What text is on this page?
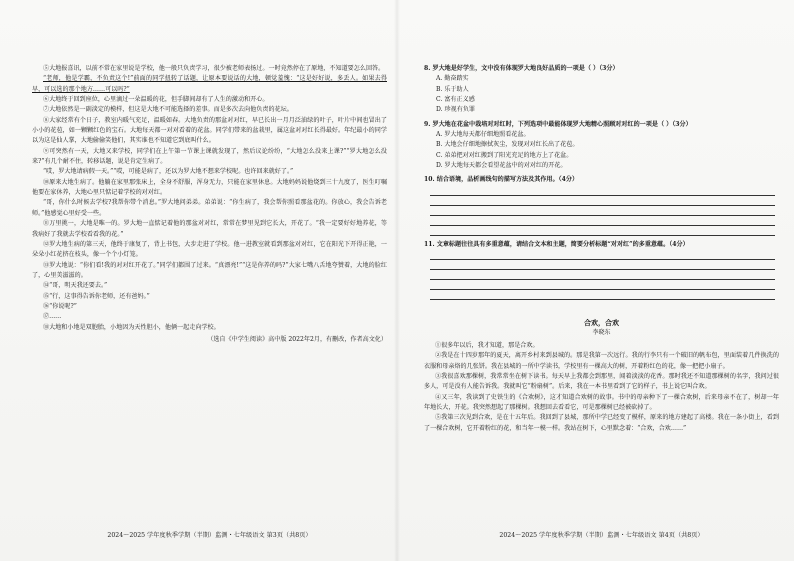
⑤大地报喜讯，以前不常在家里说是学校，他一般只负责学习，很少被老师表扬过。一时竟然停在了原地，不知道要怎么回答。

“老师，他是学霸，不负责这个!”前面的同学扭转了话题，让原本要说话的大地，顿觉羞愧：“这是好好说，多丢人。如果去得早，可以选的那个地方……可以吗?”

⑥大地终于回到座位，心里滴过一朵温暖的花，但手脚间却有了人生的激动和开心。

⑦大地依然是一副淡定的模样，但这是大地不可能选择的差事。而是多次去向他负责的花坛。

⑧大家经常有个日子，教室内暖气充足，温暖如春。大地负责的那盆对对红，早已长出一月月泛油绿的叶子，叶片中间也冒出了小小的花苞，如一颗颗红色的宝石。大地每天都一对对看着的花盆。同学们带来的盆栽里，属这盆对对红长得最好。年纪最小的同学以为这是仙人掌，大地偷偷笑他们，其实谁也不知道它到底叫什么。

⑨可突然有一天，大地又来学校，同学们在上午第一节课上课就发现了，然后议论纷纷，“大地怎么没来上课?”“罗大地怎么没来?”有几个耐不住，转移话题，说是肯定生病了。

“哎，罗大地请病假一天。”“哎，可能是病了，还以为罗大地不想来学校呢。也许回来就好了。”

⑩原来大地生病了。他躺在家里那张床上，全身不舒服，浑身无力，只能在家里休息。大地妈妈说他烧到三十九度了，医生叮嘱他要在家休养，大地心里只惦记着学校的对对红。

“哥，你什么时候去学校?我帮你带个消息。”罗大地问弟弟。弟弟说：“你生病了，我会帮你照看那盆花的。你放心，我会告诉老师。”他感觉心里好受一些。

⑪万里挑一，大地是唯一的。罗大地一直惦记着他的那盆对对红，常常在梦里见到它长大，开花了。“我一定要好好地养花，等我病好了我就去学校看看我的花。”

⑫罗大地生病的第三天，他终于康复了，背上书包，大步走进了学校。他一进教室就看到那盆对对红，它在阳光下开得正艳，一朵朵小红花挤在枝头，像一个个小灯笼。

⑬罗大地说：“你们看!我的对对红开花了。”同学们都围了过来。“真漂亮!”“这是你养的吗?”大家七嘴八舌地夸赞着，大地的脸红了，心里美滋滋的。

⑭“哥，明天我还要去。”

⑮“行，这事得告诉你老师，还有爸妈。”

⑯“你说呢?”

⑰……

⑱大地和小地是双胞胎，小地因为天性胆小，他俩一起走向学校。

（选自《中学生阅读》高中版 2022年2月，有删改，作者高文化）

2024～2025 学年度秋季学期（半期）监测・七年级语文 第3页（共8页）

8. 罗大地是好学生，文中没有体现罗大地良好品质的一项是（ ）（3分）

A. 勤奋踏实

B. 乐于助人

C. 富有正义感

D. 珍视有负罪

9. 罗大地在花盆中栽培对对红时，下列选项中最能体现罗大地精心照顾对对红的一项是（ ）（3分）

A. 罗大地每天都仔细地照看花盆。

B. 大地会仔细地擦拭灰尘，发现对对红长出了花苞。

C. 弟弟把对对红搬到了阳光充足的地方上了花盆。

D. 罗大地每天都会看望花盆中的对对红的开花。

10. 结合语境，品析画线句的描写方法及其作用。（4分）

11. 文章标题往往具有多重意蕴，请结合文本和主题，简要分析标题“对对红”的多重意蕴。（4分）

合欢，合欢
李晓东

①很多年以后，我才知道，那是合欢。

②我是在十四岁那年的夏天，离开乡村来到县城的。那是我第一次远行。我的行李只有一个破旧的帆布包，里面装着几件换洗的衣服和母亲烙的几张饼。我在县城的一所中学读书，学校里有一棵高大的树，开着粉红色的花，像一把把小扇子。

③我很喜欢那棵树，我常常坐在树下读书。每天早上我都会到那里，闻着淡淡的花香。那时我还不知道那棵树的名字，我问过很多人，可是没有人能告诉我。我就叫它“粉扇树”。后来，我在一本书里看到了它的样子，书上说它叫合欢。

④又三年，我读到了史铁生的《合欢树》，这才知道合欢树的故事。书中的母亲种下了一棵合欢树，后来母亲不在了，树却一年年地长大，开花。我突然想起了那棵树。我想回去看看它，可是那棵树已经被砍掉了。

⑤我第三次见到合欢，是在十五年后。我回到了县城，那所中学已经变了模样，原来的地方建起了高楼。我在一条小街上，看到了一棵合欢树，它开着粉红的花，和当年一模一样。我站在树下，心里默念着：“合欢，合欢……”

2024～2025 学年度秋季学期（半期）监测・七年级语文 第4页（共8页）
